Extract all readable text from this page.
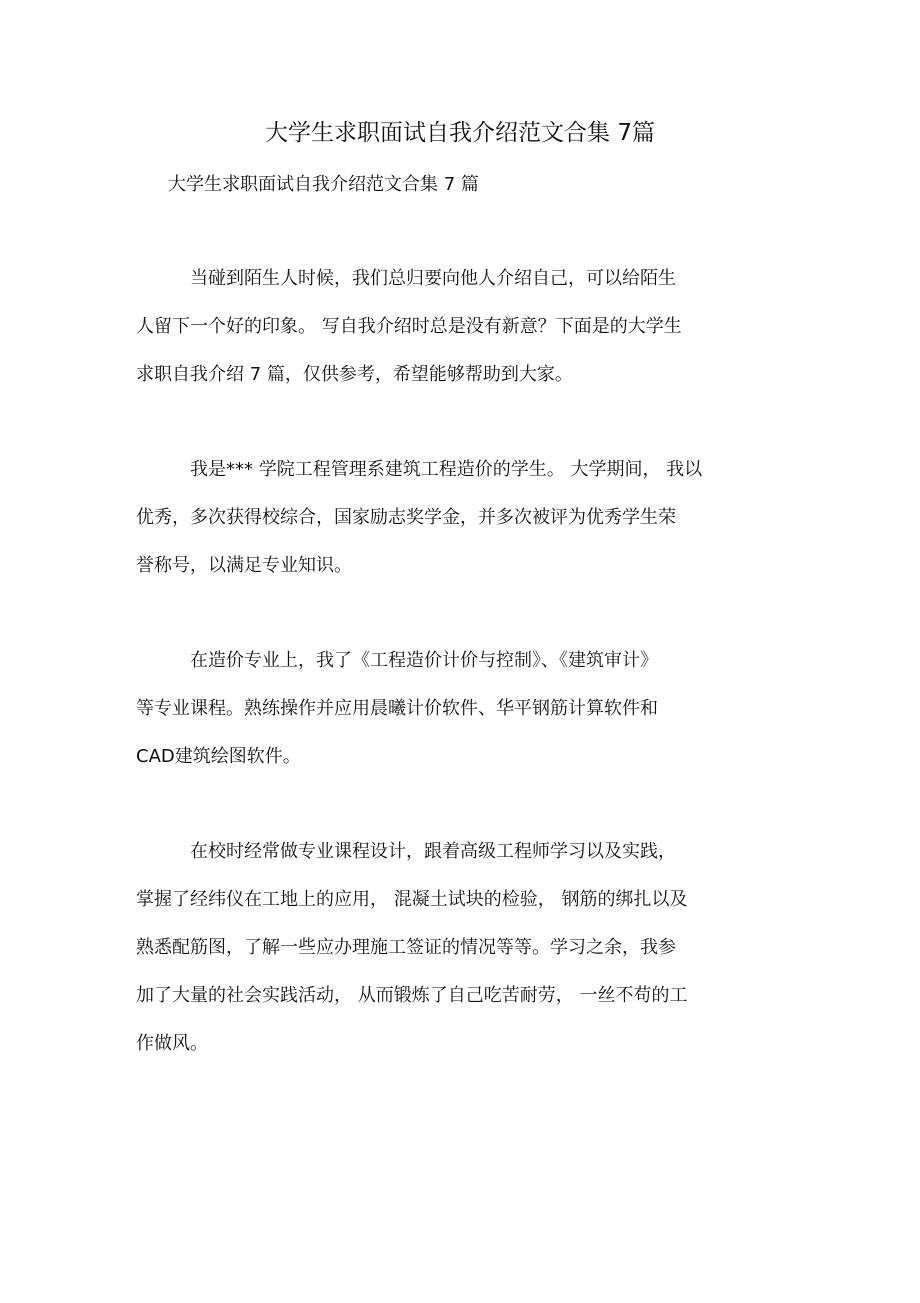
大学生求职面试自我介绍范文合集 7篇
大学生求职面试自我介绍范文合集 7 篇
当碰到陌生人时候，我们总归要向他人介绍自己，可以给陌生
人留下一个好的印象。 写自我介绍时总是没有新意？下面是的大学生
求职自我介绍 7 篇，仅供参考，希望能够帮助到大家。
我是*** 学院工程管理系建筑工程造价的学生。 大学期间， 我以
优秀，多次获得校综合，国家励志奖学金，并多次被评为优秀学生荣
誉称号，以满足专业知识。
在造价专业上，我了《工程造价计价与控制》、《建筑审计》
等专业课程。熟练操作并应用晨曦计价软件、华平钢筋计算软件和
CAD建筑绘图软件。
在校时经常做专业课程设计，跟着高级工程师学习以及实践，
掌握了经纬仪在工地上的应用， 混凝土试块的检验， 钢筋的绑扎以及
熟悉配筋图，了解一些应办理施工签证的情况等等。学习之余，我参
加了大量的社会实践活动， 从而锻炼了自己吃苦耐劳， 一丝不苟的工
作做风。
